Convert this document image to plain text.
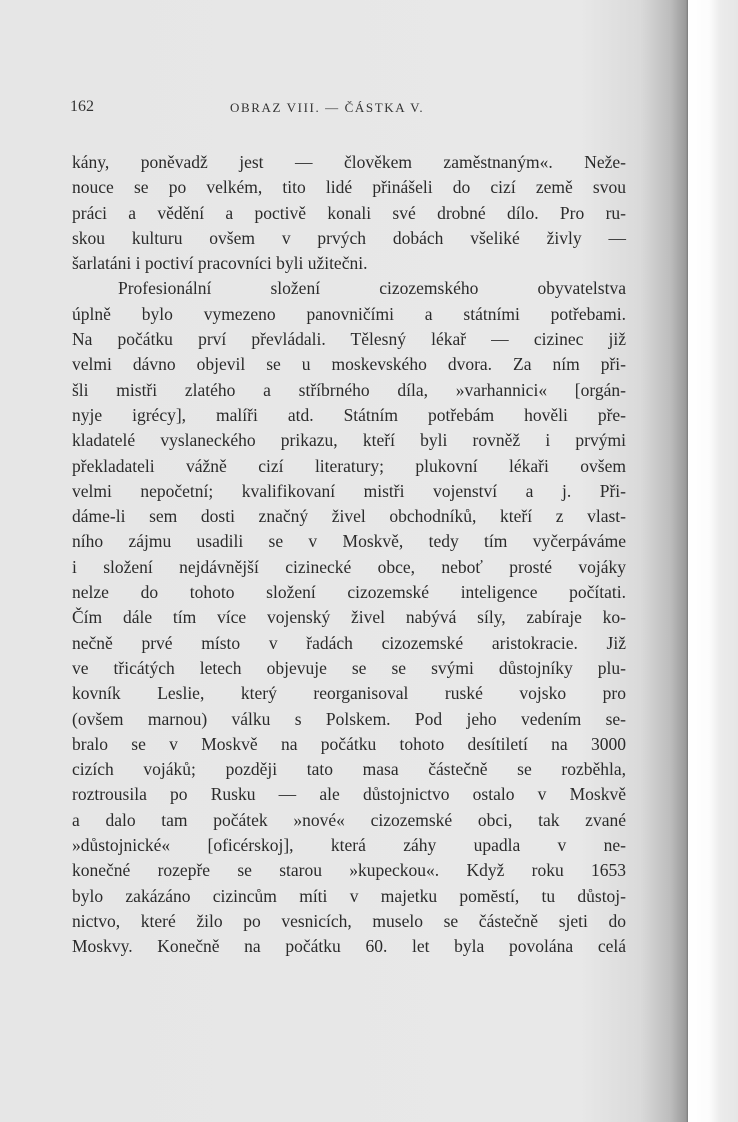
162	OBRAZ VIII. — ČÁSTKA V.
kány, poněvadž jest — člověkem zaměstnaným«. Neže-
nouce se po velkém, tito lidé přinášeli do cizí země svou
práci a vědění a poctivě konali své drobné dílo. Pro ru-
skou kulturu ovšem v prvých dobách všeliké živly —
šarlatáni i poctiví pracovníci byli užitečni.
Profesionální složení cizozemského obyvatelstva
úplně bylo vymezeno panovničími a státními potřebami.
Na počátku prví převládali. Tělesný lékař — cizinec již
velmi dávno objevil se u moskevského dvora. Za ním při-
šli mistři zlatého a stříbrného díla, »varhannici« [orgán-
nyje igrécy], malíři atd. Státním potřebám hověli pře-
kladatelé vyslaneckého prikazu, kteří byli rovněž i prvými
překladateli vážně cizí literatury; plukovní lékaři ovšem
velmi nepočetní; kvalifikovaní mistři vojenství a j. Při-
dáme-li sem dosti značný živel obchodníků, kteří z vlast-
ního zájmu usadili se v Moskvě, tedy tím vyčerpáváme
i složení nejdávnější cizinecké obce, neboť prosté vojáky
nelze do tohoto složení cizozemské inteligence počítati.
Čím dále tím více vojenský živel nabývá síly, zabíraje ko-
nečně prvé místo v řadách cizozemské aristokracie. Již
ve třicátých letech objevuje se se svými důstojníky plu-
kovník Leslie, který reorganisoval ruské vojsko pro
(ovšem marnou) válku s Polskem. Pod jeho vedením se-
bralo se v Moskvě na počátku tohoto desítiletí na 3000
cizích vojáků; později tato masa částečně se rozběhla,
roztrousila po Rusku — ale důstojnictvo ostalo v Moskvě
a dalo tam počátek »nové« cizozemské obci, tak zvané
»důstojnické« [oficérskoj], která záhy upadla v ne-
konečné rozepře se starou »kupeckou«. Když roku 1653
bylo zakázáno cizincům míti v majetku pomĕstí, tu důstoj-
nictvo, které žilo po vesnicích, muselo se částečně sjeti do
Moskvy. Konečně na počátku 60. let byla povolána celá
